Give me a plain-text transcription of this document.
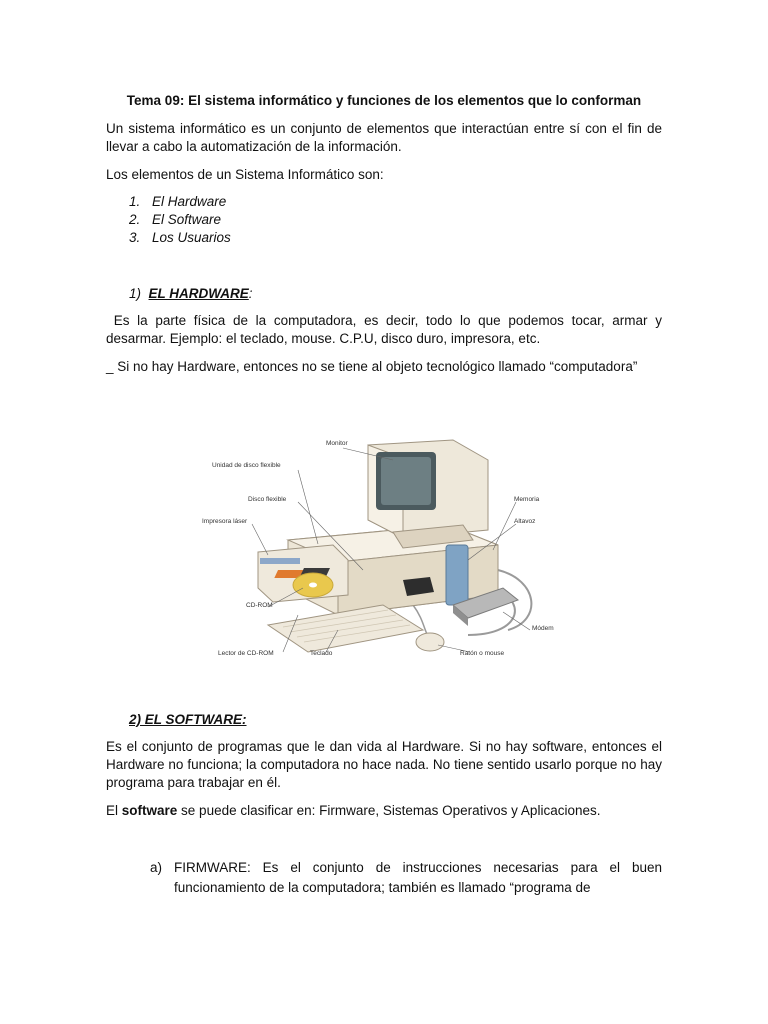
Tema 09: El sistema informático y funciones de los elementos que lo conforman

Un sistema informático es un conjunto de elementos que interactúan entre sí con el fin de llevar a cabo la automatización de la información.

Los elementos de un Sistema Informático son:

1. El Hardware
2. El Software
3. Los Usuarios

1) EL HARDWARE:

Es la parte física de la computadora, es decir, todo lo que podemos tocar, armar y desarmar. Ejemplo: el teclado, mouse. C.P.U, disco duro, impresora, etc.

_ Si no hay Hardware, entonces no se tiene al objeto tecnológico llamado “computadora”

Monitor
Unidad de disco flexible
Disco flexible
Impresora láser
Memoria
Altavoz
CD-ROM
Lector de CD-ROM	Teclado	Ratón o mouse
Módem

2) EL SOFTWARE:

Es el conjunto de programas que le dan vida al Hardware. Si no hay software, entonces el Hardware no funciona; la computadora no hace nada. No tiene sentido usarlo porque no hay programa para trabajar en él.

El software se puede clasificar en: Firmware, Sistemas Operativos y Aplicaciones.

a) FIRMWARE: Es el conjunto de instrucciones necesarias para el buen funcionamiento de la computadora; también es llamado “programa de
